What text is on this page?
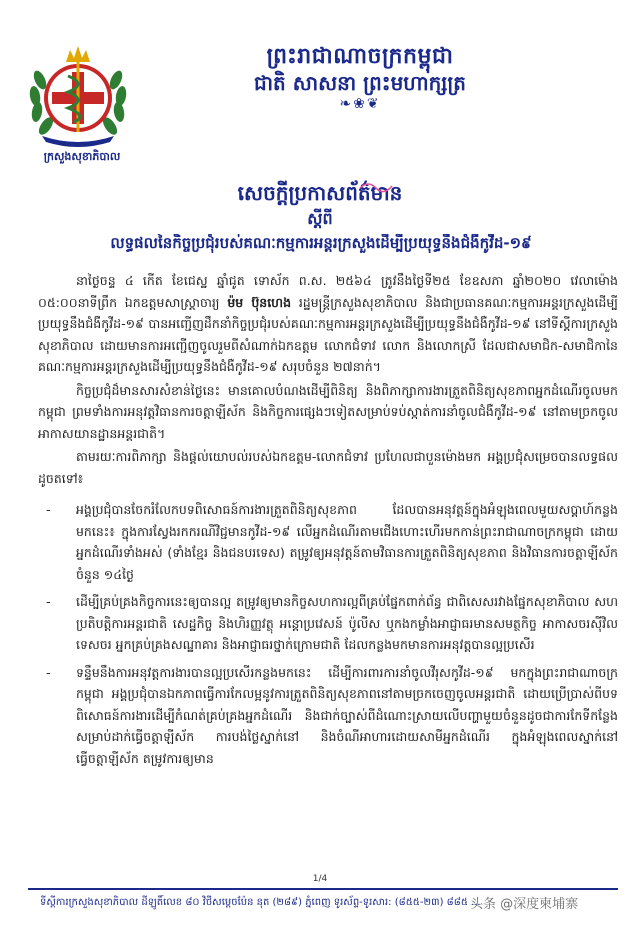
ក្រសួងសុខាភិបាល
ព្រះរាជាណាចក្រកម្ពុជា
ជាតិ សាសនា ព្រះមហាក្សត្រ
❧❀❦
សេចក្តីប្រកាសព័ត៌មាន
ស្តីពី
លទ្ធផលនៃកិច្ចប្រជុំរបស់គណៈកម្មការអន្តរក្រសួងដើម្បីប្រយុទ្ធនឹងជំងឺកូវីដ-១៩

នាថ្ងៃចន្ទ ៤ កើត ខែជេស្ឋ ឆ្នាំជូត ទោស័ក ព.ស. ២៥៦៤ ត្រូវនឹងថ្ងៃទី២៥ ខែឧសភា ឆ្នាំ២០២០ វេលាម៉ោង ០៥:០០នាទីព្រឹក ឯកឧត្តមសាស្ត្រាចារ្យ ម៉ម ប៊ុនហេង រដ្ឋមន្ត្រីក្រសួងសុខាភិបាល និងជាប្រធានគណៈកម្មការអន្តរក្រសួងដើម្បីប្រយុទ្ធនឹងជំងឺកូវីដ-១៩ បានអញ្ជើញដឹកនាំកិច្ចប្រជុំរបស់គណៈកម្មការអន្តរក្រសួងដើម្បីប្រយុទ្ធនឹងជំងឺកូវីដ-១៩ នៅទីស្តីការក្រសួងសុខាភិបាល ដោយមានការអញ្ជើញចូលរួមពីសំណាក់ឯកឧត្តម លោកជំទាវ លោក និងលោកស្រី ដែលជាសមាជិក-សមាជិកានៃគណៈកម្មការអន្តរក្រសួងដើម្បីប្រយុទ្ធនឹងជំងឺកូវីដ-១៩ សរុបចំនួន ២៧នាក់។

កិច្ចប្រជុំដ៏មានសារសំខាន់ថ្ងៃនេះ មានគោលបំណងដើម្បីពិនិត្យ និងពិភាក្សាការងារត្រួតពិនិត្យសុខភាពអ្នកដំណើរចូលមកកម្ពុជា ព្រមទាំងការអនុវត្តវិធានការចត្តាឡីស័ក និងកិច្ចការផ្សេងៗទៀតសម្រាប់ទប់ស្កាត់ការនាំចូលជំងឺកូវីដ-១៩ នៅតាមច្រកចូលអាកាសយានដ្ឋានអន្តរជាតិ។

តាមរយៈការពិភាក្សា និងផ្តល់យោបល់របស់ឯកឧត្តម-លោកជំទាវ ប្រហែលជាបួនម៉ោងមក អង្គប្រជុំសម្រេចបានលទ្ធផលដូចតទៅ៖

- អង្គប្រជុំបានចែករំលែកបទពិសោធន៍ការងារត្រួតពិនិត្យសុខភាព ដែលបានអនុវត្តន៍ក្នុងអំឡុងពេលមួយសប្តាហ៍កន្លងមកនេះ៖ ក្នុងការស្វែងរកករណីវិជ្ជមានកូវីដ-១៩ លើអ្នកដំណើរតាមជើងហោះហើរមកកាន់ព្រះរាជាណាចក្រកម្ពុជា ដោយអ្នកដំណើរទាំងអស់ (ទាំងខ្មែរ និងជនបរទេស) តម្រូវឲ្យអនុវត្តន៍តាមវិធានការត្រួតពិនិត្យសុខភាព និងវិធានការចត្តាឡីស័កចំនួន ១៤ថ្ងៃ
- ដើម្បីគ្រប់គ្រងកិច្ចការនេះឲ្យបានល្អ តម្រូវឲ្យមានកិច្ចសហការល្អពីគ្រប់ផ្នែកពាក់ព័ន្ធ ជាពិសេសរវាងផ្នែកសុខាភិបាល សហប្រតិបត្តិការអន្តរជាតិ សេដ្ឋកិច្ច និងហិរញ្ញវត្ថុ អន្តោប្រវេសន៍ ប៉ូលីស ឬកងកម្លាំងអាជ្ញាធរមានសមត្ថកិច្ច អាកាសចរស៊ីវិល ទេសចរ អ្នកគ្រប់គ្រងសណ្ឋាគារ និងអាជ្ញាធរថ្នាក់ក្រោមជាតិ ដែលកន្លងមកមានការអនុវត្តបានល្អប្រសើរ
- ទន្ទឹមនឹងការអនុវត្តការងារបានល្អប្រសើរកន្លងមកនេះ ដើម្បីការពារការនាំចូលវីរុសកូវីដ-១៩ មកក្នុងព្រះរាជាណាចក្រកម្ពុជា អង្គប្រជុំបានឯកភាពធ្វើការកែលម្អនូវការត្រួតពិនិត្យសុខភាពនៅតាមច្រកចេញចូលអន្តរជាតិ ដោយប្រើប្រាស់ពីបទពិសោធន៍ការងារដើម្បីកំណត់គ្រប់គ្រងអ្នកដំណើរ និងជាក់ច្បាស់ពីដំណោះស្រាយលើបញ្ហាមួយចំនួនដូចជាការកែទីកន្លែងសម្រាប់ដាក់ធ្វើចត្តាឡីស័ក ការបង់ថ្លៃស្នាក់នៅ និងចំណីអាហារដោយសាមីអ្នកដំណើរ ក្នុងអំឡុងពេលស្នាក់នៅធ្វើចត្តាឡីស័ក តម្រូវការឲ្យមាន
1/4
ទីស្តីការក្រសួងសុខាភិបាល ដីឡូតិ៍លេខ ៨០ វិថីសម្តេចប៉ែន នុត (២៨៩) ភ្នំពេញ ទូរស័ព្ទ-ទូរសារ: (៨៥៥-២៣) ៨៨៥ ...
头条 @深度柬埔寨
